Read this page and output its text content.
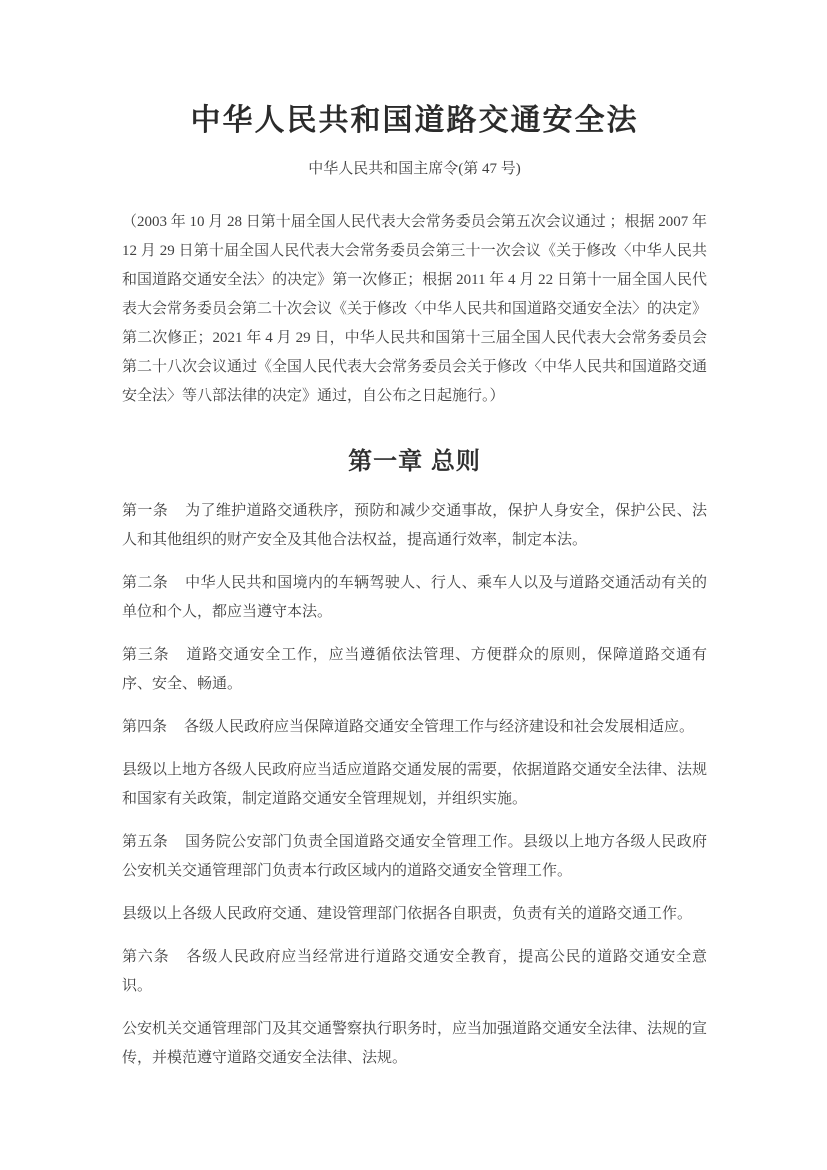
中华人民共和国道路交通安全法

中华人民共和国主席令(第 47 号)

（2003 年 10 月 28 日第十届全国人民代表大会常务委员会第五次会议通过 ；根据 2007 年 12 月 29 日第十届全国人民代表大会常务委员会第三十一次会议《关于修改〈中华人民共和国道路交通安全法〉的决定》第一次修正；根据 2011 年 4 月 22 日第十一届全国人民代表大会常务委员会第二十次会议《关于修改〈中华人民共和国道路交通安全法〉的决定》第二次修正；2021 年 4 月 29 日，中华人民共和国第十三届全国人民代表大会常务委员会第二十八次会议通过《全国人民代表大会常务委员会关于修改〈中华人民共和国道路交通安全法〉等八部法律的决定》通过，自公布之日起施行。）

第一章 总则

第一条 为了维护道路交通秩序，预防和减少交通事故，保护人身安全，保护公民、法人和其他组织的财产安全及其他合法权益，提高通行效率，制定本法。

第二条 中华人民共和国境内的车辆驾驶人、行人、乘车人以及与道路交通活动有关的单位和个人，都应当遵守本法。

第三条 道路交通安全工作，应当遵循依法管理、方便群众的原则，保障道路交通有序、安全、畅通。

第四条 各级人民政府应当保障道路交通安全管理工作与经济建设和社会发展相适应。

县级以上地方各级人民政府应当适应道路交通发展的需要，依据道路交通安全法律、法规和国家有关政策，制定道路交通安全管理规划，并组织实施。

第五条 国务院公安部门负责全国道路交通安全管理工作。县级以上地方各级人民政府公安机关交通管理部门负责本行政区域内的道路交通安全管理工作。

县级以上各级人民政府交通、建设管理部门依据各自职责，负责有关的道路交通工作。

第六条 各级人民政府应当经常进行道路交通安全教育，提高公民的道路交通安全意识。

公安机关交通管理部门及其交通警察执行职务时，应当加强道路交通安全法律、法规的宣传，并模范遵守道路交通安全法律、法规。
